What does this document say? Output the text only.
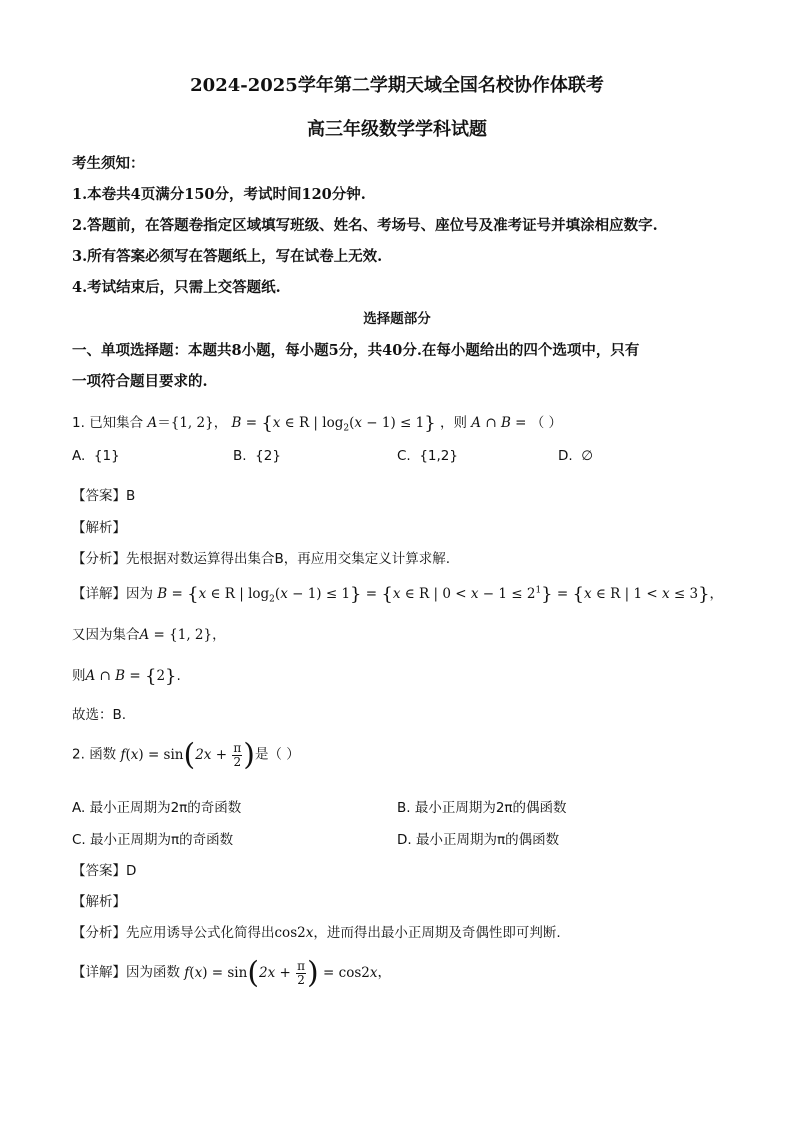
2024-2025学年第二学期天域全国名校协作体联考
高三年级数学学科试题
考生须知：
1.本卷共4页满分150分，考试时间120分钟.
2.答题前，在答题卷指定区域填写班级、姓名、考场号、座位号及准考证号并填涂相应数字.
3.所有答案必须写在答题纸上，写在试卷上无效.
4.考试结束后，只需上交答题纸.
选择题部分
一、单项选择题：本题共8小题，每小题5分，共40分.在每小题给出的四个选项中，只有
一项符合题目要求的.
1. 已知集合 A＝{1, 2}， B = {x ∈ R | $\log_2(x - 1) \le 1$} ，则 A ∩ B = （ ）
A. {1}	B. {2}	C. {1,2}	D. ∅
【答案】B
【解析】
【分析】先根据对数运算得出集合B，再应用交集定义计算求解.
【详解】因为 B = {x ∈ R | $\log_2(x - 1) \le 1\} = \{x$ ∈ R | $0 < x - 1 \le 2^1\} = \{x$ ∈ R | 1 < x ≤ 3}，
又因为集合A = {1, 2}，
则A ∩ B = {2}.
故选：B.
2. 函数 $f(x) = \sin(2x + \frac{\pi}{2}$ )是（ ）
A. 最小正周期为2π的奇函数	B. 最小正周期为2π的偶函数
C. 最小正周期为π的奇函数	D. 最小正周期为π的偶函数
【答案】D
【解析】
【分析】先应用诱导公式化简得出cos2x，进而得出最小正周期及奇偶性即可判断.
【详解】因为函数 $f(x) = \sin(2x + \frac{\pi}{2}$ ) = cos2x，
